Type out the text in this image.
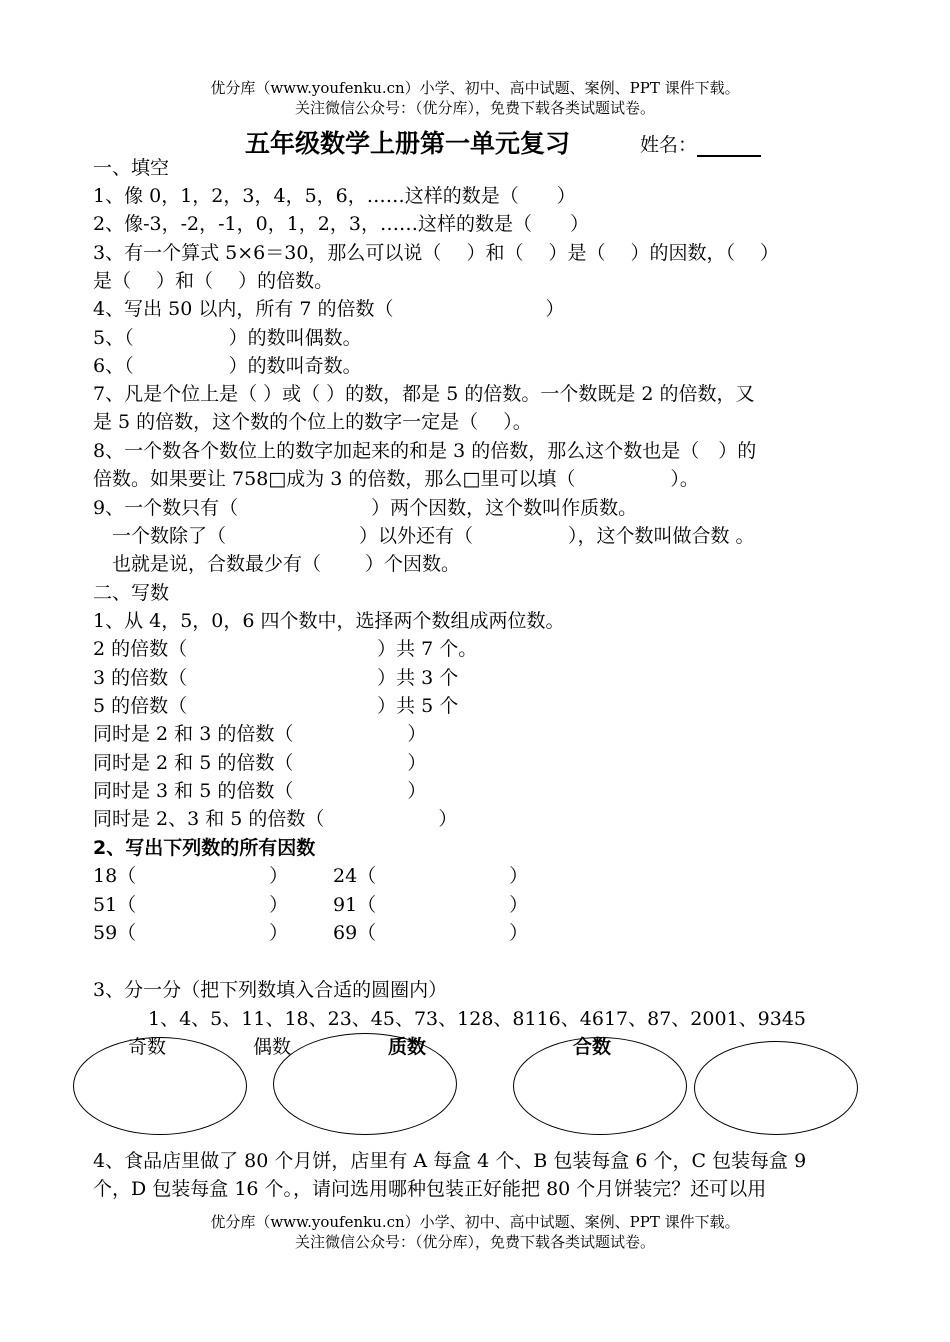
优分库（www.youfenku.cn）小学、初中、高中试题、案例、PPT 课件下载。
关注微信公众号：（优分库），免费下载各类试题试卷。
五年级数学上册第一单元复习	姓名：
一、填空
1、像 0，1，2，3，4，5，6，……这样的数是（　　）
2、像-3，-2，-1，0，1，2，3，……这样的数是（　　）
3、有一个算式 5×6＝30，那么可以说（　 ）和（　 ）是（　 ）的因数，（　 ）
是（　 ）和（　 ）的倍数。
4、写出 50 以内，所有 7 的倍数（　　　　　　　　）
5、（　　　　　）的数叫偶数。
6、（　　　　　）的数叫奇数。
7、凡是个位上是（ ）或（ ）的数，都是 5 的倍数。一个数既是 2 的倍数，又
是 5 的倍数，这个数的个位上的数字一定是（　 ）。
8、一个数各个数位上的数字加起来的和是 3 的倍数，那么这个数也是（　）的
倍数。如果要让 758□成为 3 的倍数，那么□里可以填（　　　　　）。
9、一个数只有（　　　　　　　）两个因数，这个数叫作质数。
　一个数除了（　　　　　　　）以外还有（　　　　　），这个数叫做合数 。
　也就是说，合数最少有（　　 ）个因数。
二、写数
1、从 4，5，0，6 四个数中，选择两个数组成两位数。
2 的倍数（　　　　　　　　　　）共 7 个。
3 的倍数（　　　　　　　　　　）共 3 个
5 的倍数（　　　　　　　　　　）共 5 个
同时是 2 和 3 的倍数（　　　　　　）
同时是 2 和 5 的倍数（　　　　　　）
同时是 3 和 5 的倍数（　　　　　　）
同时是 2、3 和 5 的倍数（　　　　　　）
2、写出下列数的所有因数
18（　　　　　　　） 24（　　　　　　　）
51（　　　　　　　） 91（　　　　　　　）
59（　　　　　　　） 69（　　　　　　　）
3、分一分（把下列数填入合适的圆圈内）
1、4、5、11、18、23、45、73、128、8116、4617、87、2001、9345
奇数	偶数	质数	合数
4、食品店里做了 80 个月饼，店里有 A 每盒 4 个、B 包装每盒 6 个，C 包装每盒 9
个，D 包装每盒 16 个。，请问选用哪种包装正好能把 80 个月饼装完？还可以用
优分库（www.youfenku.cn）小学、初中、高中试题、案例、PPT 课件下载。
关注微信公众号：（优分库），免费下载各类试题试卷。
